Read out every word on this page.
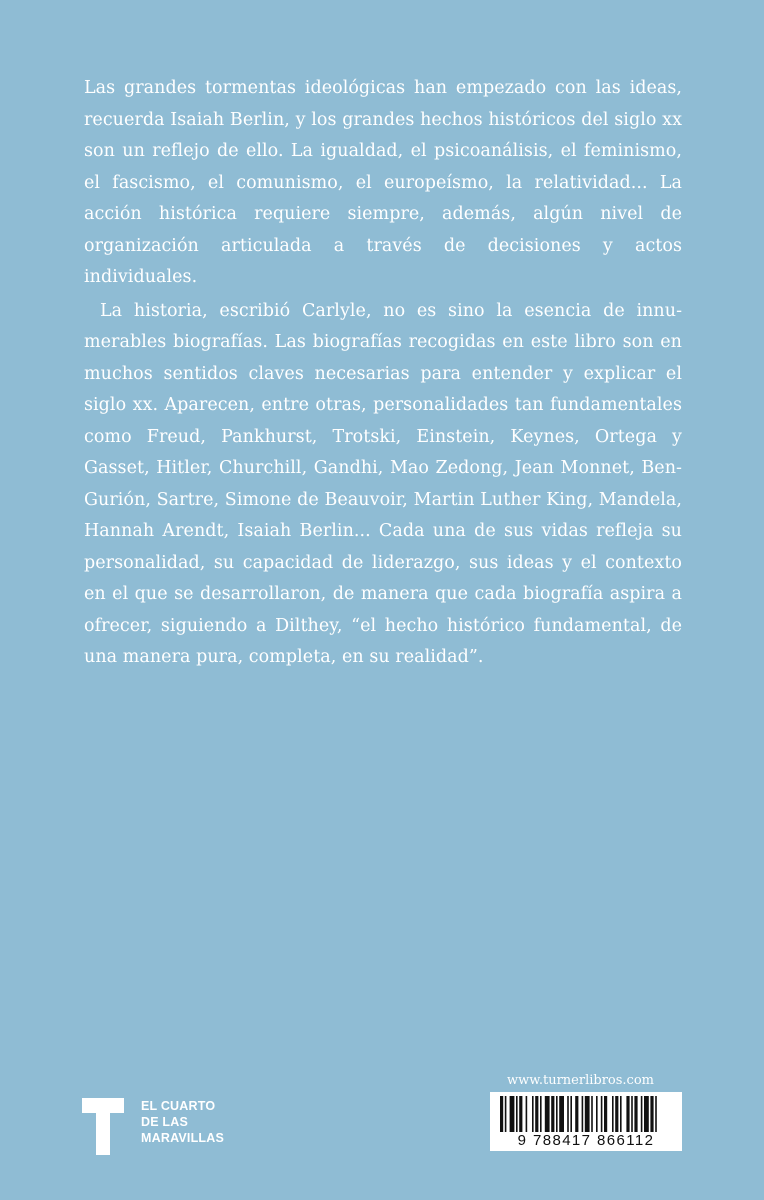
Las grandes tormentas ideológicas han empezado con las ideas, recuerda Isaiah Berlin, y los grandes hechos históricos del siglo xx son un reflejo de ello. La igualdad, el psicoanálisis, el feminismo, el fascismo, el comunismo, el europeísmo, la relatividad... La acción histórica requiere siempre, además, algún nivel de organización articulada a través de decisiones y actos individuales.

La historia, escribió Carlyle, no es sino la esencia de innumerables biografías. Las biografías recogidas en este libro son en muchos sentidos claves necesarias para entender y explicar el siglo xx. Aparecen, entre otras, personalidades tan fundamentales como Freud, Pankhurst, Trotski, Einstein, Keynes, Ortega y Gasset, Hitler, Churchill, Gandhi, Mao Zedong, Jean Monnet, Ben-Gurión, Sartre, Simone de Beauvoir, Martin Luther King, Mandela, Hannah Arendt, Isaiah Berlin... Cada una de sus vidas refleja su personalidad, su capacidad de liderazgo, sus ideas y el contexto en el que se desarrollaron, de manera que cada biografía aspira a ofrecer, siguiendo a Dilthey, “el hecho histórico fundamental, de una manera pura, completa, en su realidad”.

EL CUARTO
DE LAS
MARAVILLAS
www.turnerlibros.com
9 788417 866112
